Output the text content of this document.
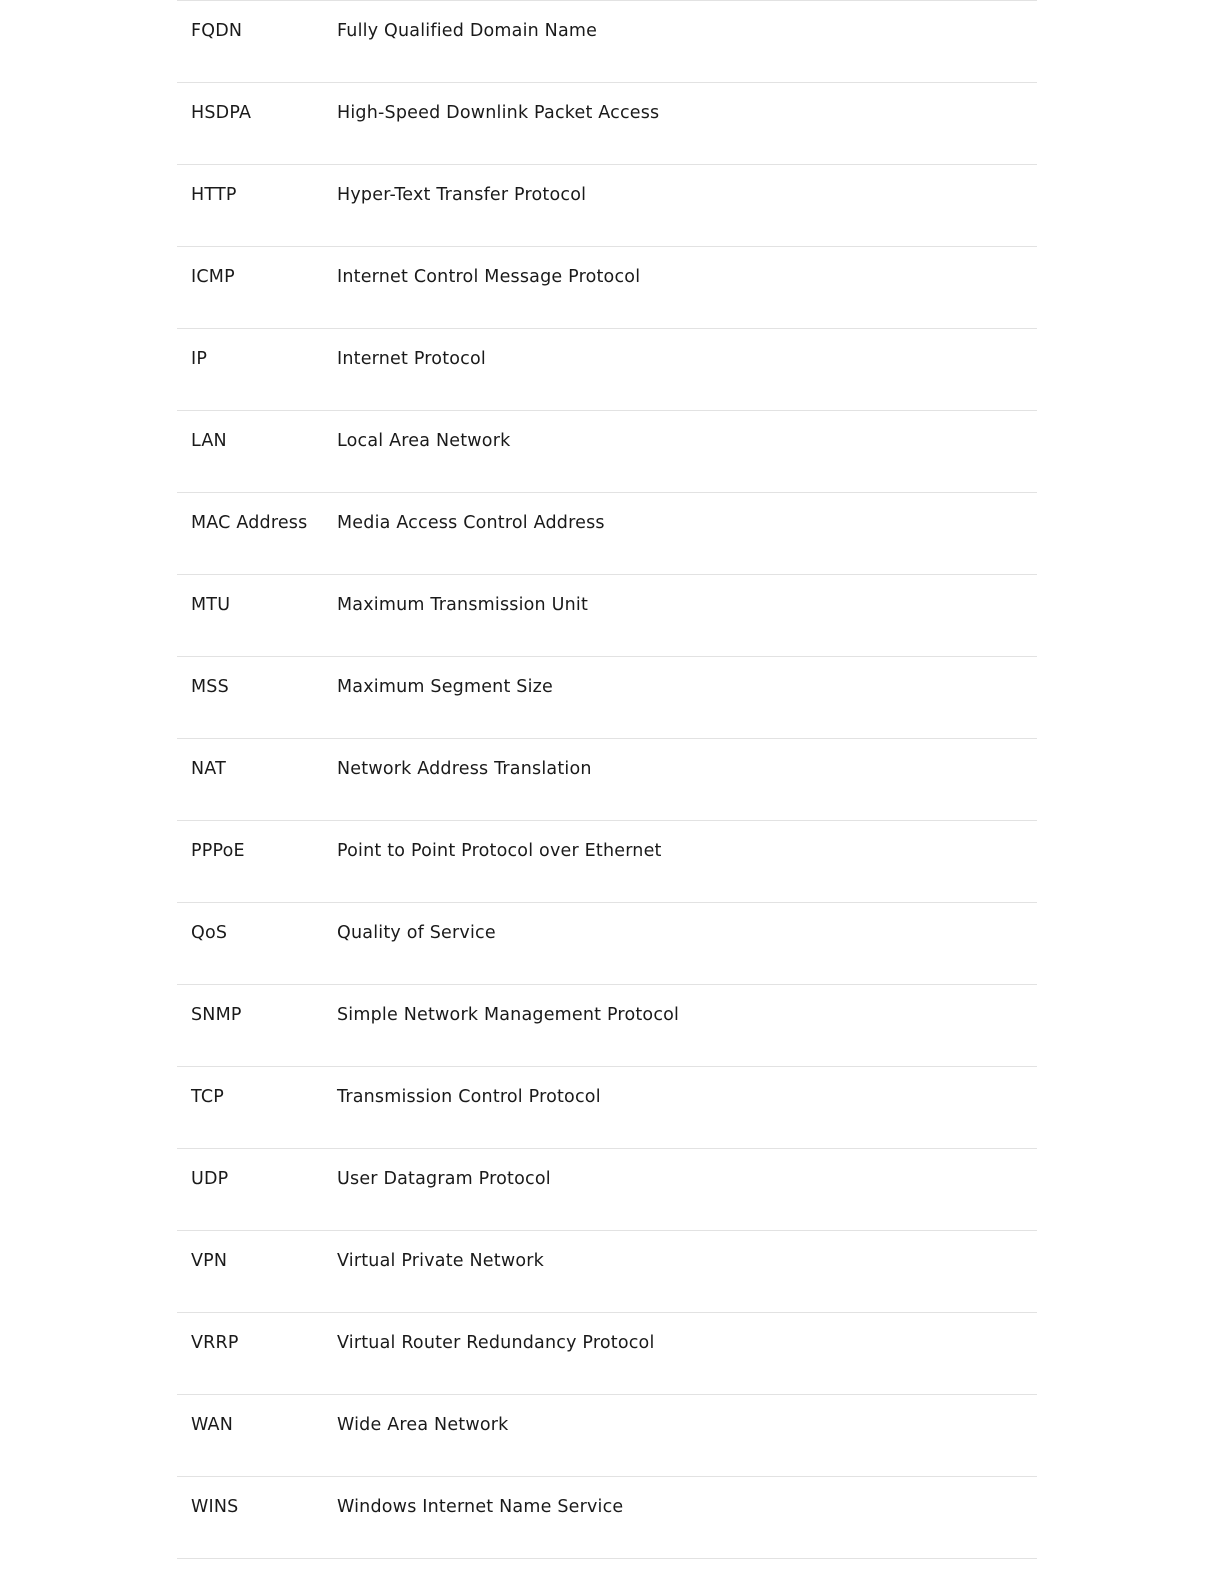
FQDN	Fully Qualified Domain Name
HSDPA	High-Speed Downlink Packet Access
HTTP	Hyper-Text Transfer Protocol
ICMP	Internet Control Message Protocol
IP	Internet Protocol
LAN	Local Area Network
MAC Address	Media Access Control Address
MTU	Maximum Transmission Unit
MSS	Maximum Segment Size
NAT	Network Address Translation
PPPoE	Point to Point Protocol over Ethernet
QoS	Quality of Service
SNMP	Simple Network Management Protocol
TCP	Transmission Control Protocol
UDP	User Datagram Protocol
VPN	Virtual Private Network
VRRP	Virtual Router Redundancy Protocol
WAN	Wide Area Network
WINS	Windows Internet Name Service
